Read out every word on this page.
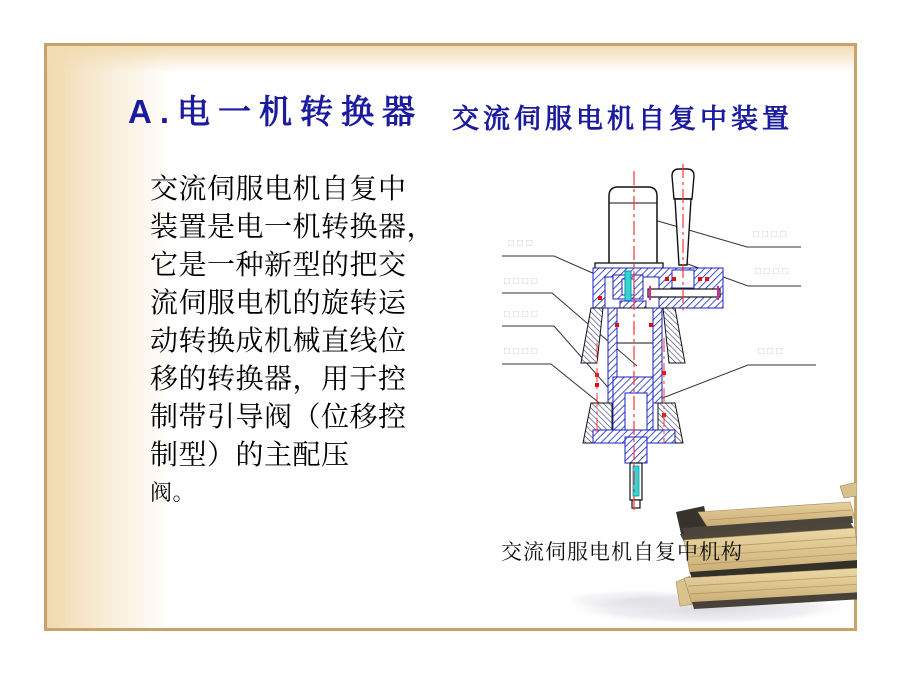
A.电一机转换器 交流伺服电机自复中装置
交流伺服电机自复中
装置是电一机转换器，
它是一种新型的把交
流伺服电机的旋转运
动转换成机械直线位
移的转换器，用于控
制带引导阀（位移控
制型）的主配压
阀。
□□□
□□□□
□□□□
□□□□
□□□□
□□□□
□□□
交流伺服电机自复中机构
